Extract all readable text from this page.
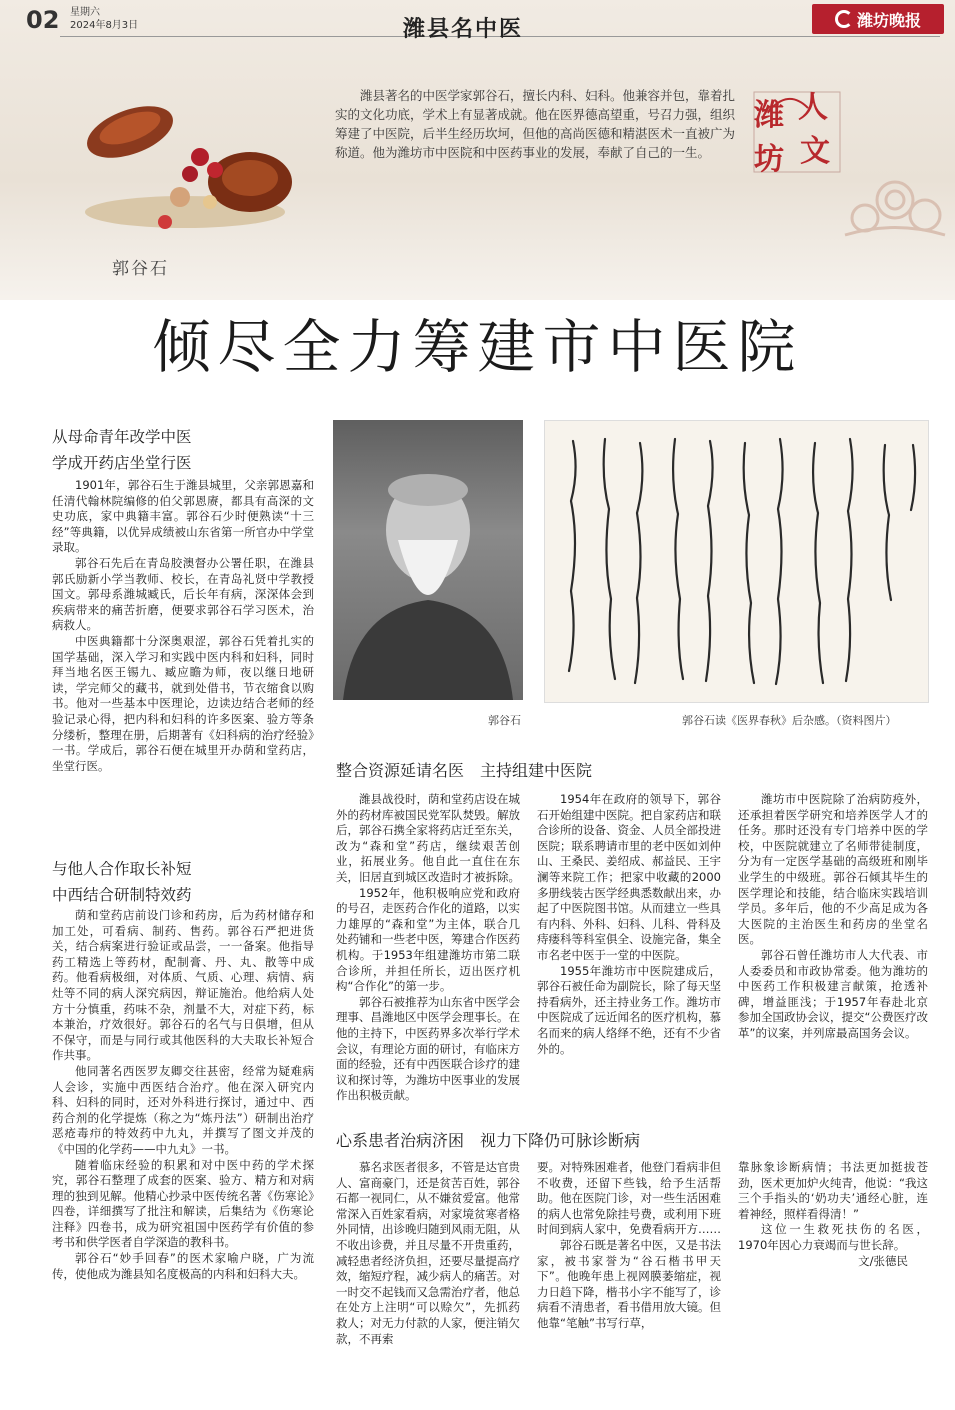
02 星期六
2024年8月3日	潍县名中医	潍坊晚报
潍县著名的中医学家郭谷石，擅长内科、妇科。他兼容并包，靠着扎实的文化功底，学术上有显著成就。他在医界德高望重，号召力强，组织筹建了中医院，后半生经历坎坷，但他的高尚医德和精湛医术一直被广为称道。他为潍坊市中医院和中医药事业的发展，奉献了自己的一生。
潍 人
坊 文
郭谷石
倾尽全力筹建市中医院
从母命青年改学中医
学成开药店坐堂行医

1901年，郭谷石生于潍县城里，父亲郭恩嘉和任清代翰林院编修的伯父郭恩赓，都具有高深的文史功底，家中典籍丰富。郭谷石少时便熟读“十三经”等典籍，以优异成绩被山东省第一所官办中学堂录取。

郭谷石先后在青岛胶澳督办公署任职，在潍县郭氏励新小学当教师、校长，在青岛礼贤中学教授国文。郭母系潍城臧氏，后长年有病，深深体会到疾病带来的痛苦折磨，便要求郭谷石学习医术，治病救人。

中医典籍都十分深奥艰涩，郭谷石凭着扎实的国学基础，深入学习和实践中医内科和妇科，同时拜当地名医王锡九、臧应瞻为师，夜以继日地研读，学完师父的藏书，就到处借书，节衣缩食以购书。他对一些基本中医理论，边读边结合老师的经验记录心得，把内科和妇科的许多医案、验方等条分缕析，整理在册，后期著有《妇科病的治疗经验》一书。学成后，郭谷石便在城里开办荫和堂药店，坐堂行医。

与他人合作取长补短
中西结合研制特效药

荫和堂药店前设门诊和药房，后为药材储存和加工处，可看病、制药、售药。郭谷石严把进货关，结合病案进行验证或品尝，一一备案。他指导药工精选上等药材，配制膏、丹、丸、散等中成药。他看病极细，对体质、气质、心理、病情、病灶等不同的病人深究病因，辩证施治。他给病人处方十分慎重，药味不杂，剂量不大，对症下药，标本兼治，疗效很好。郭谷石的名气与日俱增，但从不保守，而是与同行或其他医科的大夫取长补短合作共事。

他同著名西医罗友卿交往甚密，经常为疑难病人会诊，实施中西医结合治疗。他在深入研究内科、妇科的同时，还对外科进行探讨，通过中、西药合剂的化学提炼（称之为“炼丹法”）研制出治疗恶疮毒疖的特效药中九丸，并撰写了图文并茂的《中国的化学药——中九丸》一书。

随着临床经验的积累和对中医中药的学术探究，郭谷石整理了成套的医案、验方、精方和对病理的独到见解。他精心抄录中医传统名著《伤寒论》四卷，详细撰写了批注和解读，后集结为《伤寒论注释》四卷书，成为研究祖国中医药学有价值的参考书和供学医者自学深造的教科书。

郭谷石“妙手回春”的医术家喻户晓，广为流传，使他成为潍县知名度极高的内科和妇科大夫。

郭谷石	郭谷石读《医界春秋》后杂感。（资料图片）
整合资源延请名医　主持组建中医院

潍县战役时，荫和堂药店设在城外的药材库被国民党军队焚毁。解放后，郭谷石携全家将药店迁至东关，改为“森和堂”药店，继续艰苦创业，拓展业务。他自此一直住在东关，旧居直到城区改造时才被拆除。

1952年，他积极响应党和政府的号召，走医药合作化的道路，以实力雄厚的“森和堂”为主体，联合几处药铺和一些老中医，筹建合作医药机构。于1953年组建潍坊市第二联合诊所，并担任所长，迈出医疗机构“合作化”的第一步。

郭谷石被推荐为山东省中医学会理事、昌潍地区中医学会理事长。在他的主持下，中医药界多次举行学术会议，有理论方面的研讨，有临床方面的经验，还有中西医联合诊疗的建议和探讨等，为潍坊中医事业的发展作出积极贡献。

1954年在政府的领导下，郭谷石开始组建中医院。把自家药店和联合诊所的设备、资金、人员全部投进医院；联系聘请市里的老中医如刘仲山、王桑民、姜绍成、郝益民、王宇澜等来院工作；把家中收藏的2000多册线装古医学经典悉数献出来，办起了中医院图书馆。从而建立一些具有内科、外科、妇科、儿科、骨科及痔瘘科等科室俱全、设施完备，集全市名老中医于一堂的中医院。

1955年潍坊市中医院建成后，郭谷石被任命为副院长，除了每天坚持看病外，还主持业务工作。潍坊市中医院成了远近闻名的医疗机构，慕名而来的病人络绎不绝，还有不少省外的。

潍坊市中医院除了治病防疫外，还承担着医学研究和培养医学人才的任务。那时还没有专门培养中医的学校，中医院就建立了名师带徒制度，分为有一定医学基础的高级班和刚毕业学生的中级班。郭谷石倾其毕生的医学理论和技能，结合临床实践培训学员。多年后，他的不少高足成为各大医院的主治医生和药房的坐堂名医。

郭谷石曾任潍坊市人大代表、市人委委员和市政协常委。他为潍坊的中医药工作积极建言献策，抢透补碑，增益匪浅；于1957年春赴北京参加全国政协会议，提交“公费医疗改革”的议案，并列席最高国务会议。

心系患者治病济困　视力下降仍可脉诊断病

慕名求医者很多，不管是达官贵人、富商豪门，还是贫苦百姓，郭谷石都一视同仁，从不嫌贫爱富。他常常深入百姓家看病，对家境贫寒者格外同情，出诊晚归随到风雨无阻，从不收出诊费，并且尽量不开贵重药，减轻患者经济负担，还要尽量提高疗效，缩短疗程，减少病人的痛苦。对一时交不起钱而又急需治疗者，他总在处方上注明“可以赊欠”，先抓药救人；对无力付款的人家，便注销欠款，不再索

要。对特殊困难者，他登门看病非但不收费，还留下些钱，给予生活帮助。他在医院门诊，对一些生活困难的病人也常免除挂号费，或利用下班时间到病人家中，免费看病开方……

郭谷石既是著名中医，又是书法家，被书家誉为“谷石楷书甲天下”。他晚年患上视网膜萎缩症，视力日趋下降，楷书小字不能写了，诊病看不清患者，看书借用放大镜。但他靠“笔触”书写行草，

靠脉象诊断病情；书法更加挺拔苍劲，医术更加炉火纯青，他说：“我这三个手指头的‘奶功夫’通经心脏，连着神经，照样看得清！”

这位一生救死扶伤的名医，1970年因心力衰竭而与世长辞。

文/张德民
